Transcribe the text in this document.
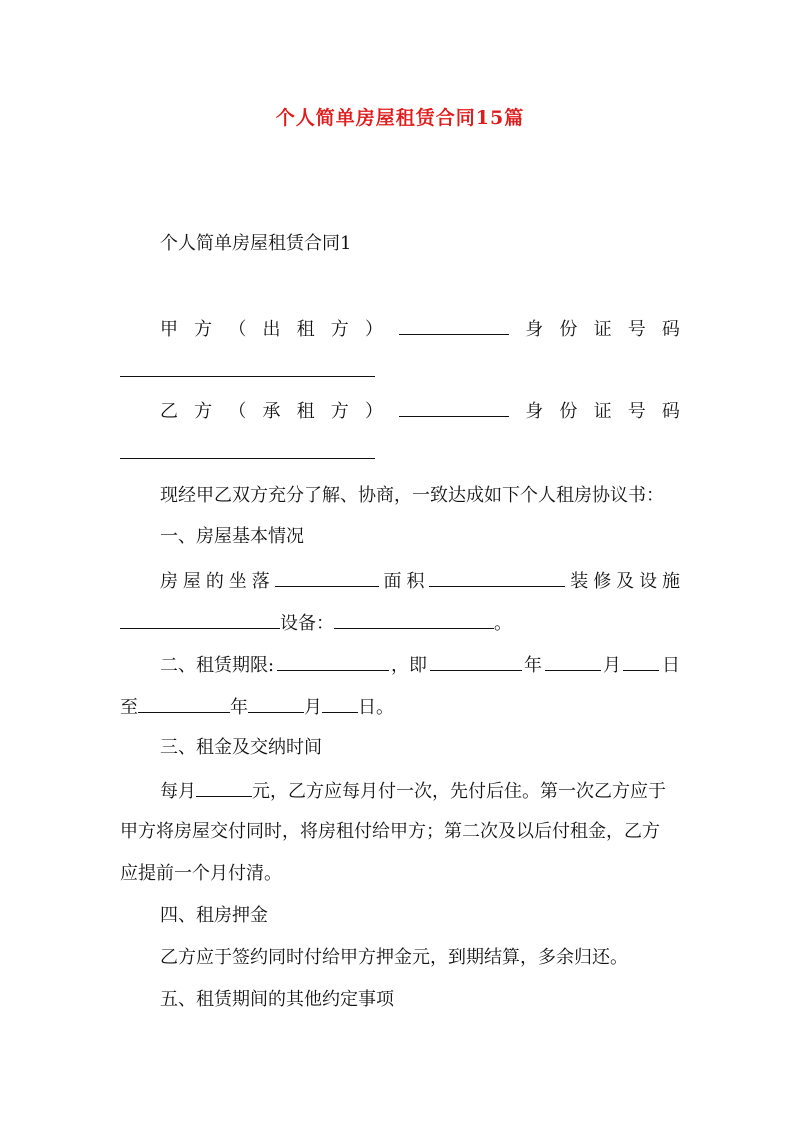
个人简单房屋租赁合同15篇
个人简单房屋租赁合同1
甲 方 （ 出 租 方 ）	身 份 证 号 码
乙 方 （ 承 租 方 ）	身 份 证 号 码
现经甲乙双方充分了解、协商，一致达成如下个人租房协议书：
一、房屋基本情况
房 屋 的 坐 落	面 积	装 修 及 设 施
设备：	。
二、租赁期限:	，即	年	月 日
至	年	月 日。
三、租金及交纳时间
每月	元，乙方应每月付一次，先付后住。第一次乙方应于
甲方将房屋交付同时，将房租付给甲方；第二次及以后付租金，乙方
应提前一个月付清。
四、租房押金
乙方应于签约同时付给甲方押金元，到期结算，多余归还。
五、租赁期间的其他约定事项
